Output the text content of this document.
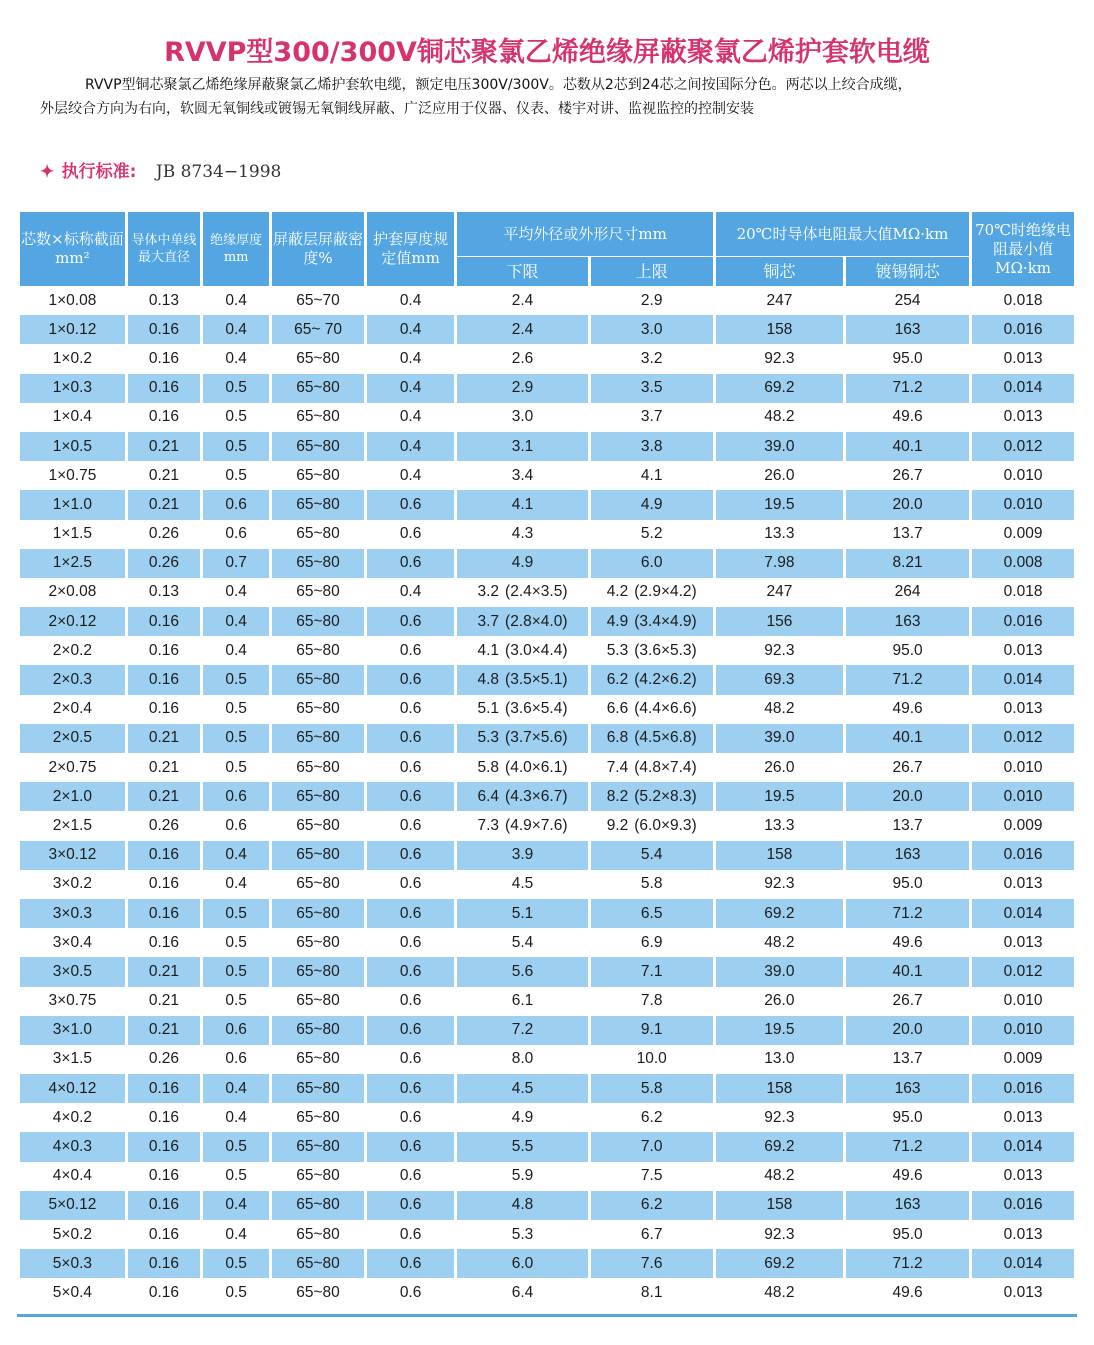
RVVP型300/300V铜芯聚氯乙烯绝缘屏蔽聚氯乙烯护套软电缆

RVVP型铜芯聚氯乙烯绝缘屏蔽聚氯乙烯护套软电缆，额定电压300V/300V。芯数从2芯到24芯之间按国际分色。两芯以上绞合成缆，

外层绞合方向为右向，软圆无氧铜线或镀锡无氧铜线屏蔽、广泛应用于仪器、仪表、楼宇对讲、监视监控的控制安装

✦ 执行标准: JB 8734−1998
芯数×标称截面mm²	导体中单线最大直径	绝缘厚度mm	屏蔽层屏蔽密度%	护套厚度规定值mm	平均外径或外形尺寸mm		20℃时导体电阻最大值MΩ·km		70℃时绝缘电阻最小值MΩ·km
					下限	上限	铜芯	镀锡铜芯	
1×0.08	0.13	0.4	65~70	0.4	2.4	2.9	247	254	0.018
1×0.12	0.16	0.4	65~ 70	0.4	2.4	3.0	158	163	0.016
1×0.2	0.16	0.4	65~80	0.4	2.6	3.2	92.3	95.0	0.013
1×0.3	0.16	0.5	65~80	0.4	2.9	3.5	69.2	71.2	0.014
1×0.4	0.16	0.5	65~80	0.4	3.0	3.7	48.2	49.6	0.013
1×0.5	0.21	0.5	65~80	0.4	3.1	3.8	39.0	40.1	0.012
1×0.75	0.21	0.5	65~80	0.4	3.4	4.1	26.0	26.7	0.010
1×1.0	0.21	0.6	65~80	0.6	4.1	4.9	19.5	20.0	0.010
1×1.5	0.26	0.6	65~80	0.6	4.3	5.2	13.3	13.7	0.009
1×2.5	0.26	0.7	65~80	0.6	4.9	6.0	7.98	8.21	0.008
2×0.08	0.13	0.4	65~80	0.4	3.2 (2.4×3.5)	4.2 (2.9×4.2)	247	264	0.018
2×0.12	0.16	0.4	65~80	0.6	3.7 (2.8×4.0)	4.9 (3.4×4.9)	156	163	0.016
2×0.2	0.16	0.4	65~80	0.6	4.1 (3.0×4.4)	5.3 (3.6×5.3)	92.3	95.0	0.013
2×0.3	0.16	0.5	65~80	0.6	4.8 (3.5×5.1)	6.2 (4.2×6.2)	69.3	71.2	0.014
2×0.4	0.16	0.5	65~80	0.6	5.1 (3.6×5.4)	6.6 (4.4×6.6)	48.2	49.6	0.013
2×0.5	0.21	0.5	65~80	0.6	5.3 (3.7×5.6)	6.8 (4.5×6.8)	39.0	40.1	0.012
2×0.75	0.21	0.5	65~80	0.6	5.8 (4.0×6.1)	7.4 (4.8×7.4)	26.0	26.7	0.010
2×1.0	0.21	0.6	65~80	0.6	6.4 (4.3×6.7)	8.2 (5.2×8.3)	19.5	20.0	0.010
2×1.5	0.26	0.6	65~80	0.6	7.3 (4.9×7.6)	9.2 (6.0×9.3)	13.3	13.7	0.009
3×0.12	0.16	0.4	65~80	0.6	3.9	5.4	158	163	0.016
3×0.2	0.16	0.4	65~80	0.6	4.5	5.8	92.3	95.0	0.013
3×0.3	0.16	0.5	65~80	0.6	5.1	6.5	69.2	71.2	0.014
3×0.4	0.16	0.5	65~80	0.6	5.4	6.9	48.2	49.6	0.013
3×0.5	0.21	0.5	65~80	0.6	5.6	7.1	39.0	40.1	0.012
3×0.75	0.21	0.5	65~80	0.6	6.1	7.8	26.0	26.7	0.010
3×1.0	0.21	0.6	65~80	0.6	7.2	9.1	19.5	20.0	0.010
3×1.5	0.26	0.6	65~80	0.6	8.0	10.0	13.0	13.7	0.009
4×0.12	0.16	0.4	65~80	0.6	4.5	5.8	158	163	0.016
4×0.2	0.16	0.4	65~80	0.6	4.9	6.2	92.3	95.0	0.013
4×0.3	0.16	0.5	65~80	0.6	5.5	7.0	69.2	71.2	0.014
4×0.4	0.16	0.5	65~80	0.6	5.9	7.5	48.2	49.6	0.013
5×0.12	0.16	0.4	65~80	0.6	4.8	6.2	158	163	0.016
5×0.2	0.16	0.4	65~80	0.6	5.3	6.7	92.3	95.0	0.013
5×0.3	0.16	0.5	65~80	0.6	6.0	7.6	69.2	71.2	0.014
5×0.4	0.16	0.5	65~80	0.6	6.4	8.1	48.2	49.6	0.013
